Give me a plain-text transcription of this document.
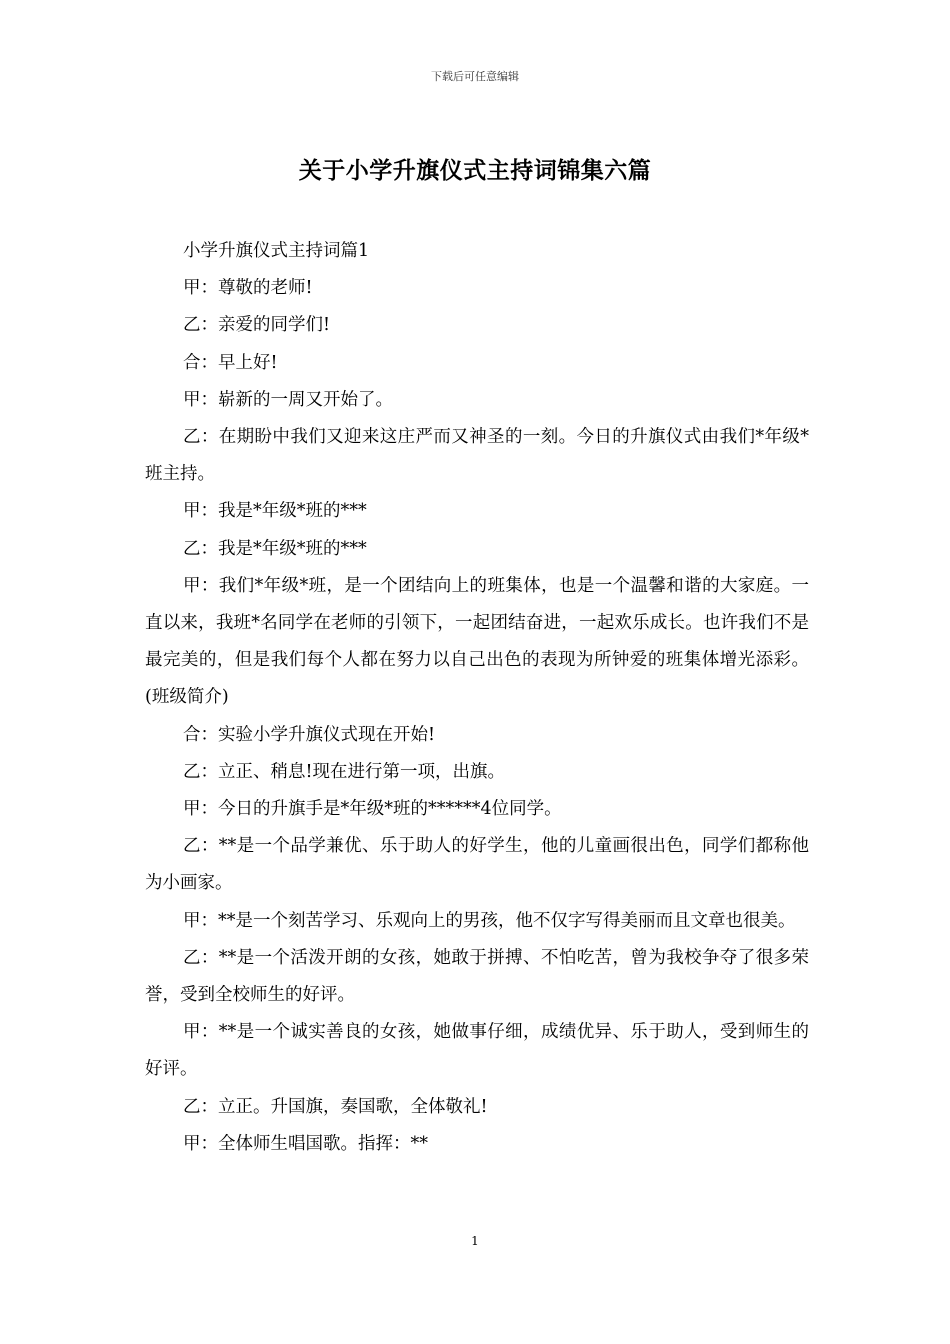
下载后可任意编辑
关于小学升旗仪式主持词锦集六篇

小学升旗仪式主持词篇1

甲：尊敬的老师!

乙：亲爱的同学们!

合：早上好!

甲：崭新的一周又开始了。

乙：在期盼中我们又迎来这庄严而又神圣的一刻。今日的升旗仪式由我们*年级*班主持。

甲：我是*年级*班的***

乙：我是*年级*班的***

甲：我们*年级*班，是一个团结向上的班集体，也是一个温馨和谐的大家庭。一直以来，我班*名同学在老师的引领下，一起团结奋进，一起欢乐成长。也许我们不是最完美的，但是我们每个人都在努力以自己出色的表现为所钟爱的班集体增光添彩。(班级简介)

合：实验小学升旗仪式现在开始!

乙：立正、稍息!现在进行第一项，出旗。

甲：今日的升旗手是*年级*班的******4位同学。

乙：**是一个品学兼优、乐于助人的好学生，他的儿童画很出色，同学们都称他为小画家。

甲：**是一个刻苦学习、乐观向上的男孩，他不仅字写得美丽而且文章也很美。

乙：**是一个活泼开朗的女孩，她敢于拼搏、不怕吃苦，曾为我校争夺了很多荣誉，受到全校师生的好评。

甲：**是一个诚实善良的女孩，她做事仔细，成绩优异、乐于助人，受到师生的好评。

乙：立正。升国旗，奏国歌，全体敬礼!

甲：全体师生唱国歌。指挥：**

1
